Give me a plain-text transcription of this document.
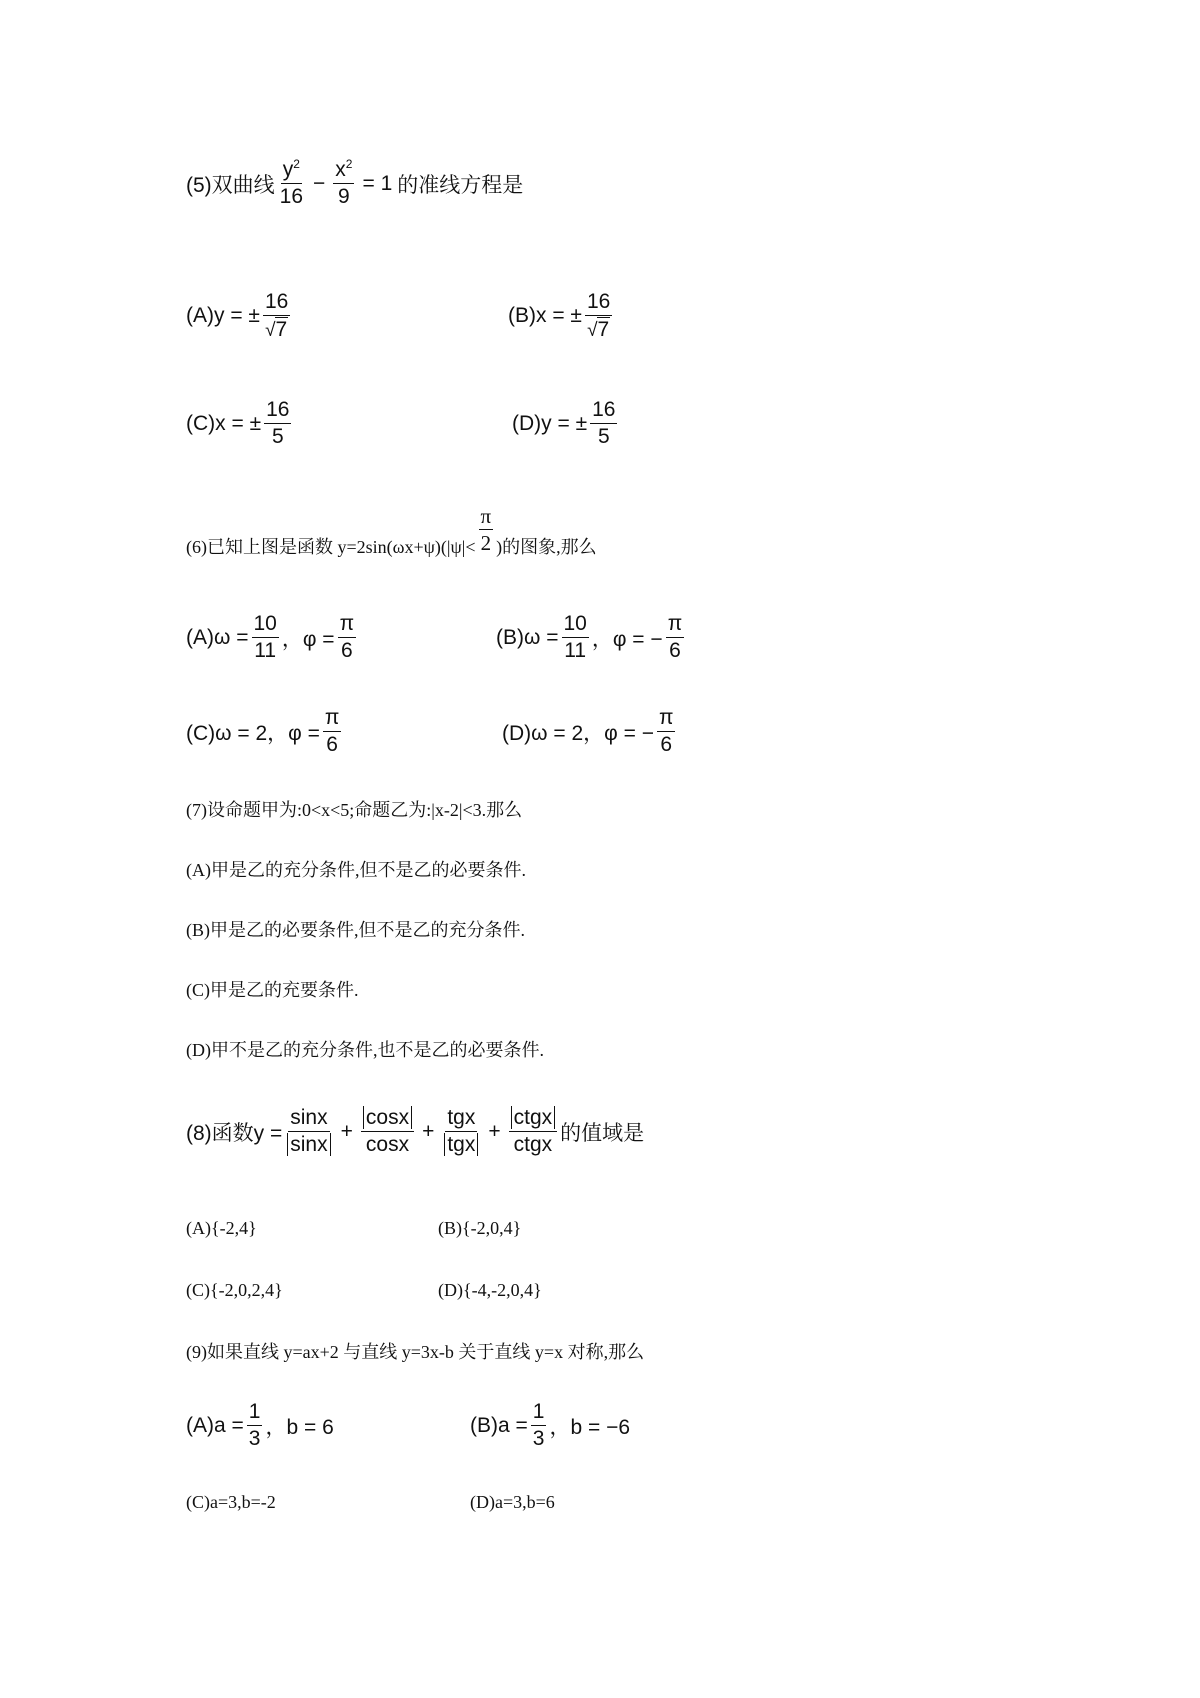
(5)双曲线 $\frac{y^2}{16} - \frac{x^2}{9} = 1$ 的准线方程是
(A)y = ± $\frac{16}{√ 7}$	(B)x = ± $\frac{16}{√ 7}$
(C)x = ± $\frac{16}{5}$	(D)y = ± $\frac{16}{5}$
(6)已知上图是函数 $y=2\sin(\omega x+\psi)(|\psi|< \frac{\pi}{2}$ )的图象,那么
$(A)\omega = \frac{10}{11}$ ，$\varphi = \frac{\pi}{6}$	$(B)\omega = \frac{10}{11}$ ，φ = − $\frac{\pi}{6}$
(C)ω = 2，$\varphi = \frac{\pi}{6}$	(D)ω = 2，φ = − $\frac{\pi}{6}$
(7)设命题甲为:0<x<5;命题乙为:|x-2|<3.那么
(A)甲是乙的充分条件,但不是乙的必要条件.
(B)甲是乙的必要条件,但不是乙的充分条件.
(C)甲是乙的充要条件.
(D)甲不是乙的充分条件,也不是乙的必要条件.
(8)函数$y = \frac{\sin x}{\sin x} + \frac{\cos x}{\cos x} + \frac{\text{tgx}}{\text{tgx}} + \frac{\text{ctgx}}{\text{ctgx}}$ 的值域是
(A){-2,4}	(B){-2,0,4}
(C){-2,0,2,4}	(D){-4,-2,0,4}
(9)如果直线 y=ax+2 与直线 y=3x-b 关于直线 y=x 对称,那么
$(A)a = \frac{1}{3}$ ，b = 6	$(B)a = \frac{1}{3}$ ，b = −6
(C)a=3,b=-2	(D)a=3,b=6
